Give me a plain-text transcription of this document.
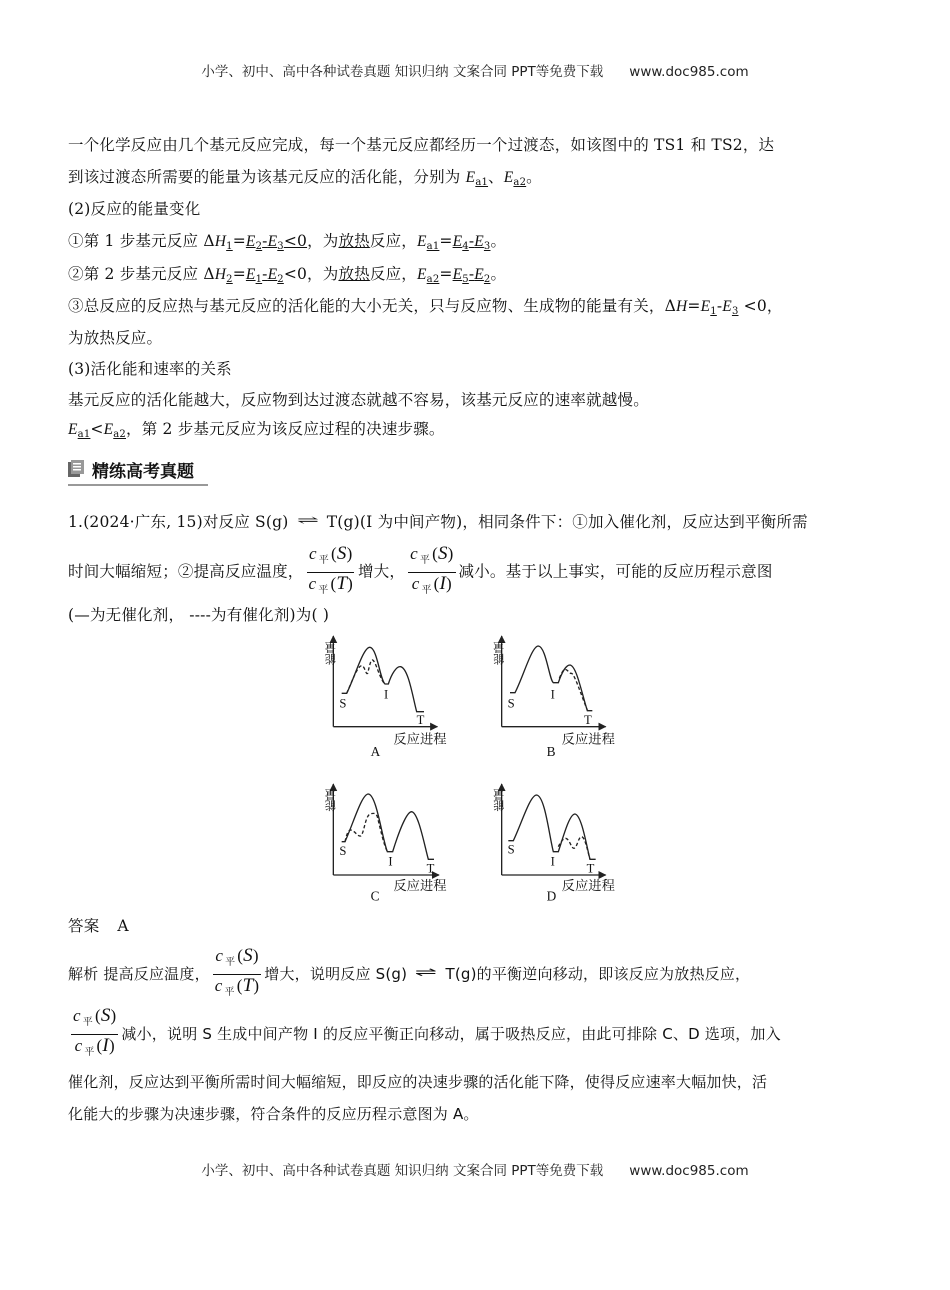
小学、初中、高中各种试卷真题 知识归纳 文案合同 PPT等免费下载 www.doc985.com
一个化学反应由几个基元反应完成，每一个基元反应都经历一个过渡态，如该图中的 TS1 和 TS2，达
到该过渡态所需要的能量为该基元反应的活化能，分别为 $E_{a1}$、$E_{a2}$。
(2)反应的能量变化
①第 1 步基元反应 $\Delta H_1=E_2-E_3<0$，为放热反应，$E_{a1}=E_4-E_3$。
②第 2 步基元反应 $\Delta H_2=E_1-E_2<0$，为放热反应，$E_{a2}=E_5-E_2$。
③总反应的反应热与基元反应的活化能的大小无关，只与反应物、生成物的能量有关，$\Delta H=E_1-E_3 <0$，
为放热反应。
(3)活化能和速率的关系
基元反应的活化能越大，反应物到达过渡态就越不容易，该基元反应的速率就越慢。
$E_{a1}<E_{a2}$，第 2 步基元反应为该反应过程的决速步骤。
精练高考真题
1.(2024·广东, 15)对反应 S(g) ⇌ T(g)(I 为中间产物)，相同条件下：①加入催化剂，反应达到平衡所需
时间大幅缩短；②提高反应温度， $\frac{c _平 (S)}{c _平 (T)}$ 增大， $\frac{c _平 (S)}{c _平 (I)}$ 减小。基于以上事实，可能的反应历程示意图
(—为无催化剂， ----为有催化剂)为( )
能量
反应进程
S
I
T
A
能量
反应进程
S
I
T
B
能量
反应进程
S
I T
C
能量
反应进程
S
I T
D
答案 A
解析 提高反应温度， $\frac{c _平 (S)}{c _平 (T)}$ 增大，说明反应 S(g) ⇌ T(g)的平衡逆向移动，即该反应为放热反应，
$\frac{c _平 (S)}{c _平 (I)}$ 减小，说明 S 生成中间产物 I 的反应平衡正向移动，属于吸热反应，由此可排除 C、D 选项，加入
催化剂，反应达到平衡所需时间大幅缩短，即反应的决速步骤的活化能下降，使得反应速率大幅加快，活
化能大的步骤为决速步骤，符合条件的反应历程示意图为 A。
小学、初中、高中各种试卷真题 知识归纳 文案合同 PPT等免费下载 www.doc985.com
